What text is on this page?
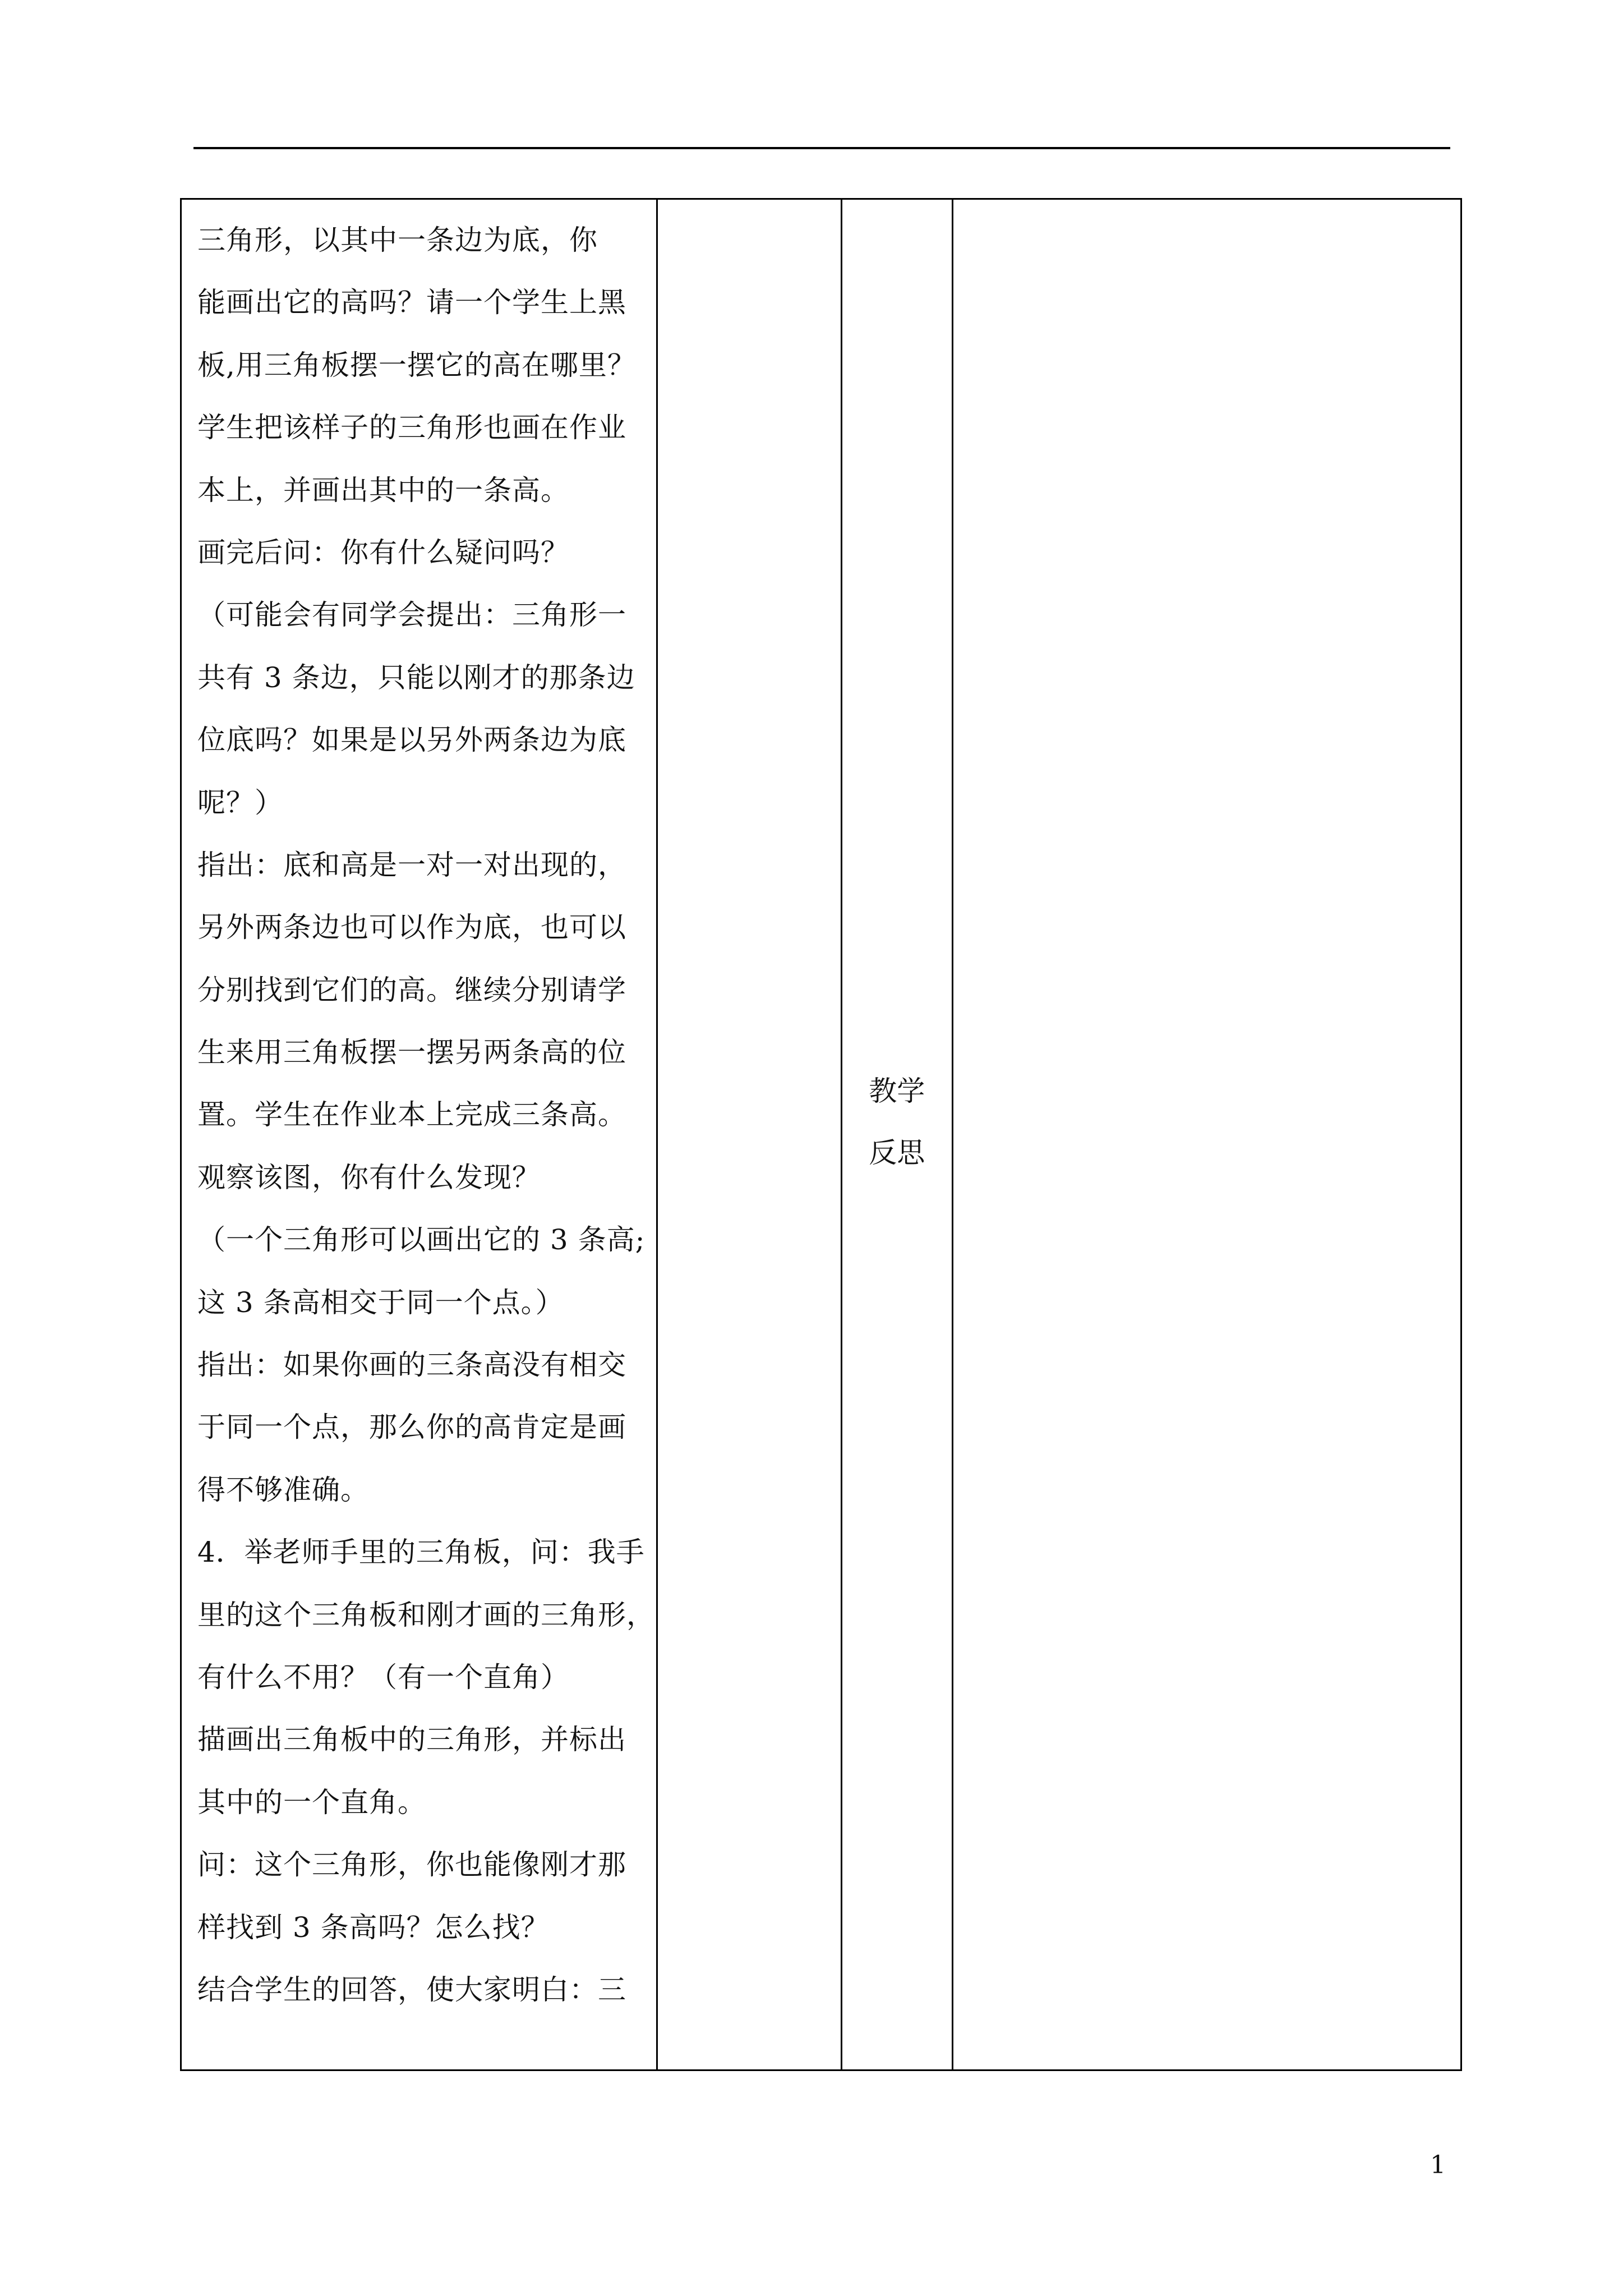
三角形，以其中一条边为底，你
能画出它的高吗？请一个学生上黑
板,用三角板摆一摆它的高在哪里？
学生把该样子的三角形也画在作业
本上，并画出其中的一条高。
画完后问：你有什么疑问吗？
（可能会有同学会提出：三角形一
共有 3 条边，只能以刚才的那条边
位底吗？如果是以另外两条边为底
呢？）
指出：底和高是一对一对出现的，
另外两条边也可以作为底，也可以
分别找到它们的高。继续分别请学
生来用三角板摆一摆另两条高的位
置。学生在作业本上完成三条高。
观察该图，你有什么发现？
（一个三角形可以画出它的 3 条高;
这 3 条高相交于同一个点。）
指出：如果你画的三条高没有相交
于同一个点，那么你的高肯定是画
得不够准确。
4．举老师手里的三角板，问：我手
里的这个三角板和刚才画的三角形，
有什么不用？（有一个直角）
描画出三角板中的三角形，并标出
其中的一个直角。
问：这个三角形，你也能像刚才那
样找到 3 条高吗？怎么找？
结合学生的回答，使大家明白：三
		教学反思	
1
